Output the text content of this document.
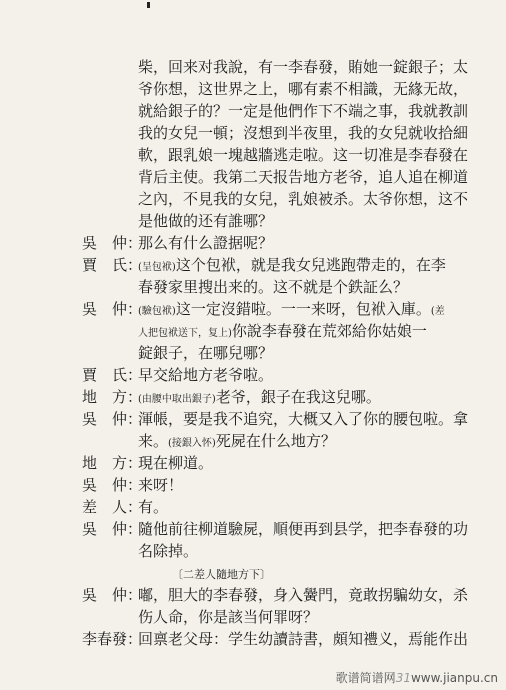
柴，回来对我說，有一李春發，賄她一錠銀子；太
爷你想，这世界之上，哪有素不相識，无緣无故，
就給銀子的？一定是他們作下不端之事，我就教訓
我的女兒一頓；沒想到半夜里，我的女兒就收拾細
軟，跟乳娘一塊越牆逃走啦。这一切准是李春發在
背后主使。我第二天报告地方老爷，追人追在柳道
之內，不見我的女兒，乳娘被杀。太爷你想，这不
是他做的还有誰哪？
吳　仲：
那么有什么證据呢？
賈　氏：
(呈包袱)这个包袱，就是我女兒逃跑帶走的，在李
春發家里搜出来的。这不就是个鉄証么？
吳　仲：
(驗包袱)这一定沒錯啦。一一来呀，包袱入庫。(差
人把包袱送下，复上)你說李春發在荒郊給你姑娘一
錠銀子，在哪兒哪？
賈　氏：
早交給地方老爷啦。
地　方：
(由腰中取出銀子)老爷，銀子在我这兒哪。
吳　仲：
渾帳，要是我不追究，大概又入了你的腰包啦。拿
来。(接銀入怀)死屍在什么地方？
地　方：
現在柳道。
吳　仲：
来呀！
差　人：
有。
吳　仲：
隨他前往柳道驗屍，順便再到县学，把李春發的功
名除掉。
〔二差人隨地方下〕
吳　仲：
嘟，胆大的李春發，身入黌門，竟敢拐騙幼女，杀
伤人命，你是該当何罪呀？
李春發：
回禀老父母：学生幼讀詩書，頗知禮义，焉能作出
歌谱简谱网31www.jianpu.cn
